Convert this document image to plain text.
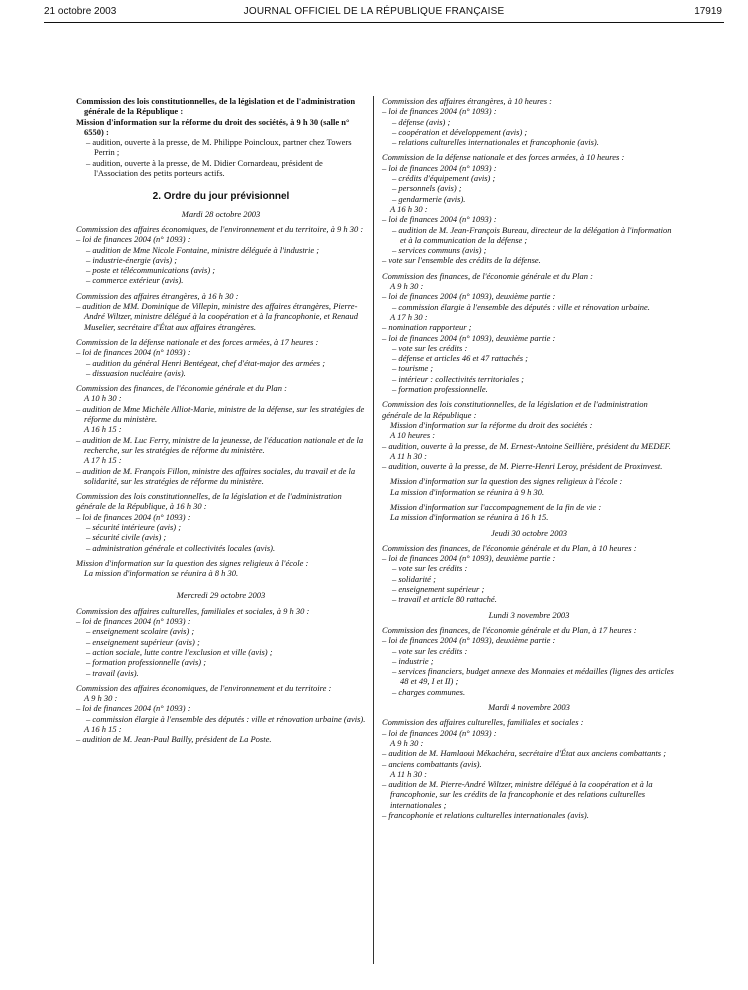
21 octobre 2003	JOURNAL OFFICIEL DE LA RÉPUBLIQUE FRANÇAISE	17919

Commission des lois constitutionnelles, de la législation et de l'administration générale de la République :

Mission d'information sur la réforme du droit des sociétés, à 9 h 30 (salle n° 6550) :

– audition, ouverte à la presse, de M. Philippe Poincloux, partner chez Towers Perrin ;

– audition, ouverte à la presse, de M. Didier Cornardeau, président de l'Association des petits porteurs actifs.

2. Ordre du jour prévisionnel

Mardi 28 octobre 2003

Commission des affaires économiques, de l'environnement et du territoire, à 9 h 30 :

– loi de finances 2004 (n° 1093) :

– audition de Mme Nicole Fontaine, ministre déléguée à l'industrie ;

– industrie-énergie (avis) ;

– poste et télécommunications (avis) ;

– commerce extérieur (avis).

Commission des affaires étrangères, à 16 h 30 :

– audition de MM. Dominique de Villepin, ministre des affaires étrangères, Pierre-André Wiltzer, ministre délégué à la coopération et à la francophonie, et Renaud Muselier, secrétaire d'État aux affaires étrangères.

Commission de la défense nationale et des forces armées, à 17 heures :

– loi de finances 2004 (n° 1093) :

– audition du général Henri Bentégeat, chef d'état-major des armées ;

– dissuasion nucléaire (avis).

Commission des finances, de l'économie générale et du Plan :

A 10 h 30 :

– audition de Mme Michèle Alliot-Marie, ministre de la défense, sur les stratégies de réforme du ministère.

A 16 h 15 :

– audition de M. Luc Ferry, ministre de la jeunesse, de l'éducation nationale et de la recherche, sur les stratégies de réforme du ministère.

A 17 h 15 :

– audition de M. François Fillon, ministre des affaires sociales, du travail et de la solidarité, sur les stratégies de réforme du ministère.

Commission des lois constitutionnelles, de la législation et de l'administration générale de la République, à 16 h 30 :

– loi de finances 2004 (n° 1093) :

– sécurité intérieure (avis) ;

– sécurité civile (avis) ;

– administration générale et collectivités locales (avis).

Mission d'information sur la question des signes religieux à l'école :

La mission d'information se réunira à 8 h 30.

Mercredi 29 octobre 2003

Commission des affaires culturelles, familiales et sociales, à 9 h 30 :

– loi de finances 2004 (n° 1093) :

– enseignement scolaire (avis) ;

– enseignement supérieur (avis) ;

– action sociale, lutte contre l'exclusion et ville (avis) ;

– formation professionnelle (avis) ;

– travail (avis).

Commission des affaires économiques, de l'environnement et du territoire :

A 9 h 30 :

– loi de finances 2004 (n° 1093) :

– commission élargie à l'ensemble des députés : ville et rénovation urbaine (avis).

A 16 h 15 :

– audition de M. Jean-Paul Bailly, président de La Poste.

Commission des affaires étrangères, à 10 heures :

– loi de finances 2004 (n° 1093) :

– défense (avis) ;

– coopération et développement (avis) ;

– relations culturelles internationales et francophonie (avis).

Commission de la défense nationale et des forces armées, à 10 heures :

– loi de finances 2004 (n° 1093) :

– crédits d'équipement (avis) ;

– personnels (avis) ;

– gendarmerie (avis).

A 16 h 30 :

– loi de finances 2004 (n° 1093) :

– audition de M. Jean-François Bureau, directeur de la délégation à l'information et à la communication de la défense ;

– services communs (avis) ;

– vote sur l'ensemble des crédits de la défense.

Commission des finances, de l'économie générale et du Plan :

A 9 h 30 :

– loi de finances 2004 (n° 1093), deuxième partie :

– commission élargie à l'ensemble des députés : ville et rénovation urbaine.

A 17 h 30 :

– nomination rapporteur ;

– loi de finances 2004 (n° 1093), deuxième partie :

– vote sur les crédits :

– défense et articles 46 et 47 rattachés ;

– tourisme ;

– intérieur : collectivités territoriales ;

– formation professionnelle.

Commission des lois constitutionnelles, de la législation et de l'administration générale de la République :

Mission d'information sur la réforme du droit des sociétés :

A 10 heures :

– audition, ouverte à la presse, de M. Ernest-Antoine Seillière, président du MEDEF.

A 11 h 30 :

– audition, ouverte à la presse, de M. Pierre-Henri Leroy, président de Proxinvest.

Mission d'information sur la question des signes religieux à l'école :

La mission d'information se réunira à 9 h 30.

Mission d'information sur l'accompagnement de la fin de vie :

La mission d'information se réunira à 16 h 15.

Jeudi 30 octobre 2003

Commission des finances, de l'économie générale et du Plan, à 10 heures :

– loi de finances 2004 (n° 1093), deuxième partie :

– vote sur les crédits :

– solidarité ;

– enseignement supérieur ;

– travail et article 80 rattaché.

Lundi 3 novembre 2003

Commission des finances, de l'économie générale et du Plan, à 17 heures :

– loi de finances 2004 (n° 1093), deuxième partie :

– vote sur les crédits :

– industrie ;

– services financiers, budget annexe des Monnaies et médailles (lignes des articles 48 et 49, I et II) ;

– charges communes.

Mardi 4 novembre 2003

Commission des affaires culturelles, familiales et sociales :

– loi de finances 2004 (n° 1093) :

A 9 h 30 :

– audition de M. Hamlaoui Mékachéra, secrétaire d'État aux anciens combattants ;

– anciens combattants (avis).

A 11 h 30 :

– audition de M. Pierre-André Wiltzer, ministre délégué à la coopération et à la francophonie, sur les crédits de la francophonie et des relations culturelles internationales ;

– francophonie et relations culturelles internationales (avis).
